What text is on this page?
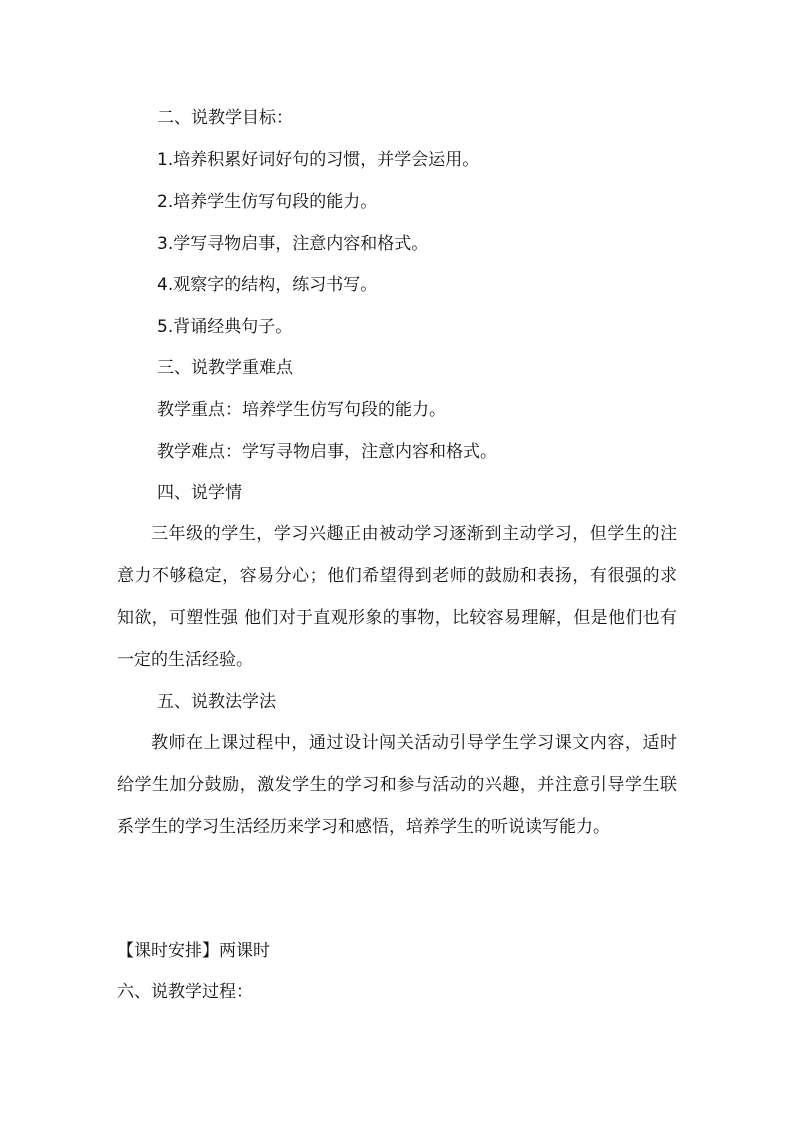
二、说教学目标：

1.培养积累好词好句的习惯，并学会运用。

2.培养学生仿写句段的能力。

3.学写寻物启事，注意内容和格式。

4.观察字的结构，练习书写。

5.背诵经典句子。

三、说教学重难点

教学重点：培养学生仿写句段的能力。

教学难点：学写寻物启事，注意内容和格式。

四、说学情

三年级的学生，学习兴趣正由被动学习逐渐到主动学习，但学生的注意力不够稳定，容易分心；他们希望得到老师的鼓励和表扬，有很强的求知欲，可塑性强 他们对于直观形象的事物，比较容易理解，但是他们也有一定的生活经验。

五、说教法学法

教师在上课过程中，通过设计闯关活动引导学生学习课文内容，适时给学生加分鼓励，激发学生的学习和参与活动的兴趣，并注意引导学生联系学生的学习生活经历来学习和感悟，培养学生的听说读写能力。

【课时安排】两课时

六、说教学过程：
